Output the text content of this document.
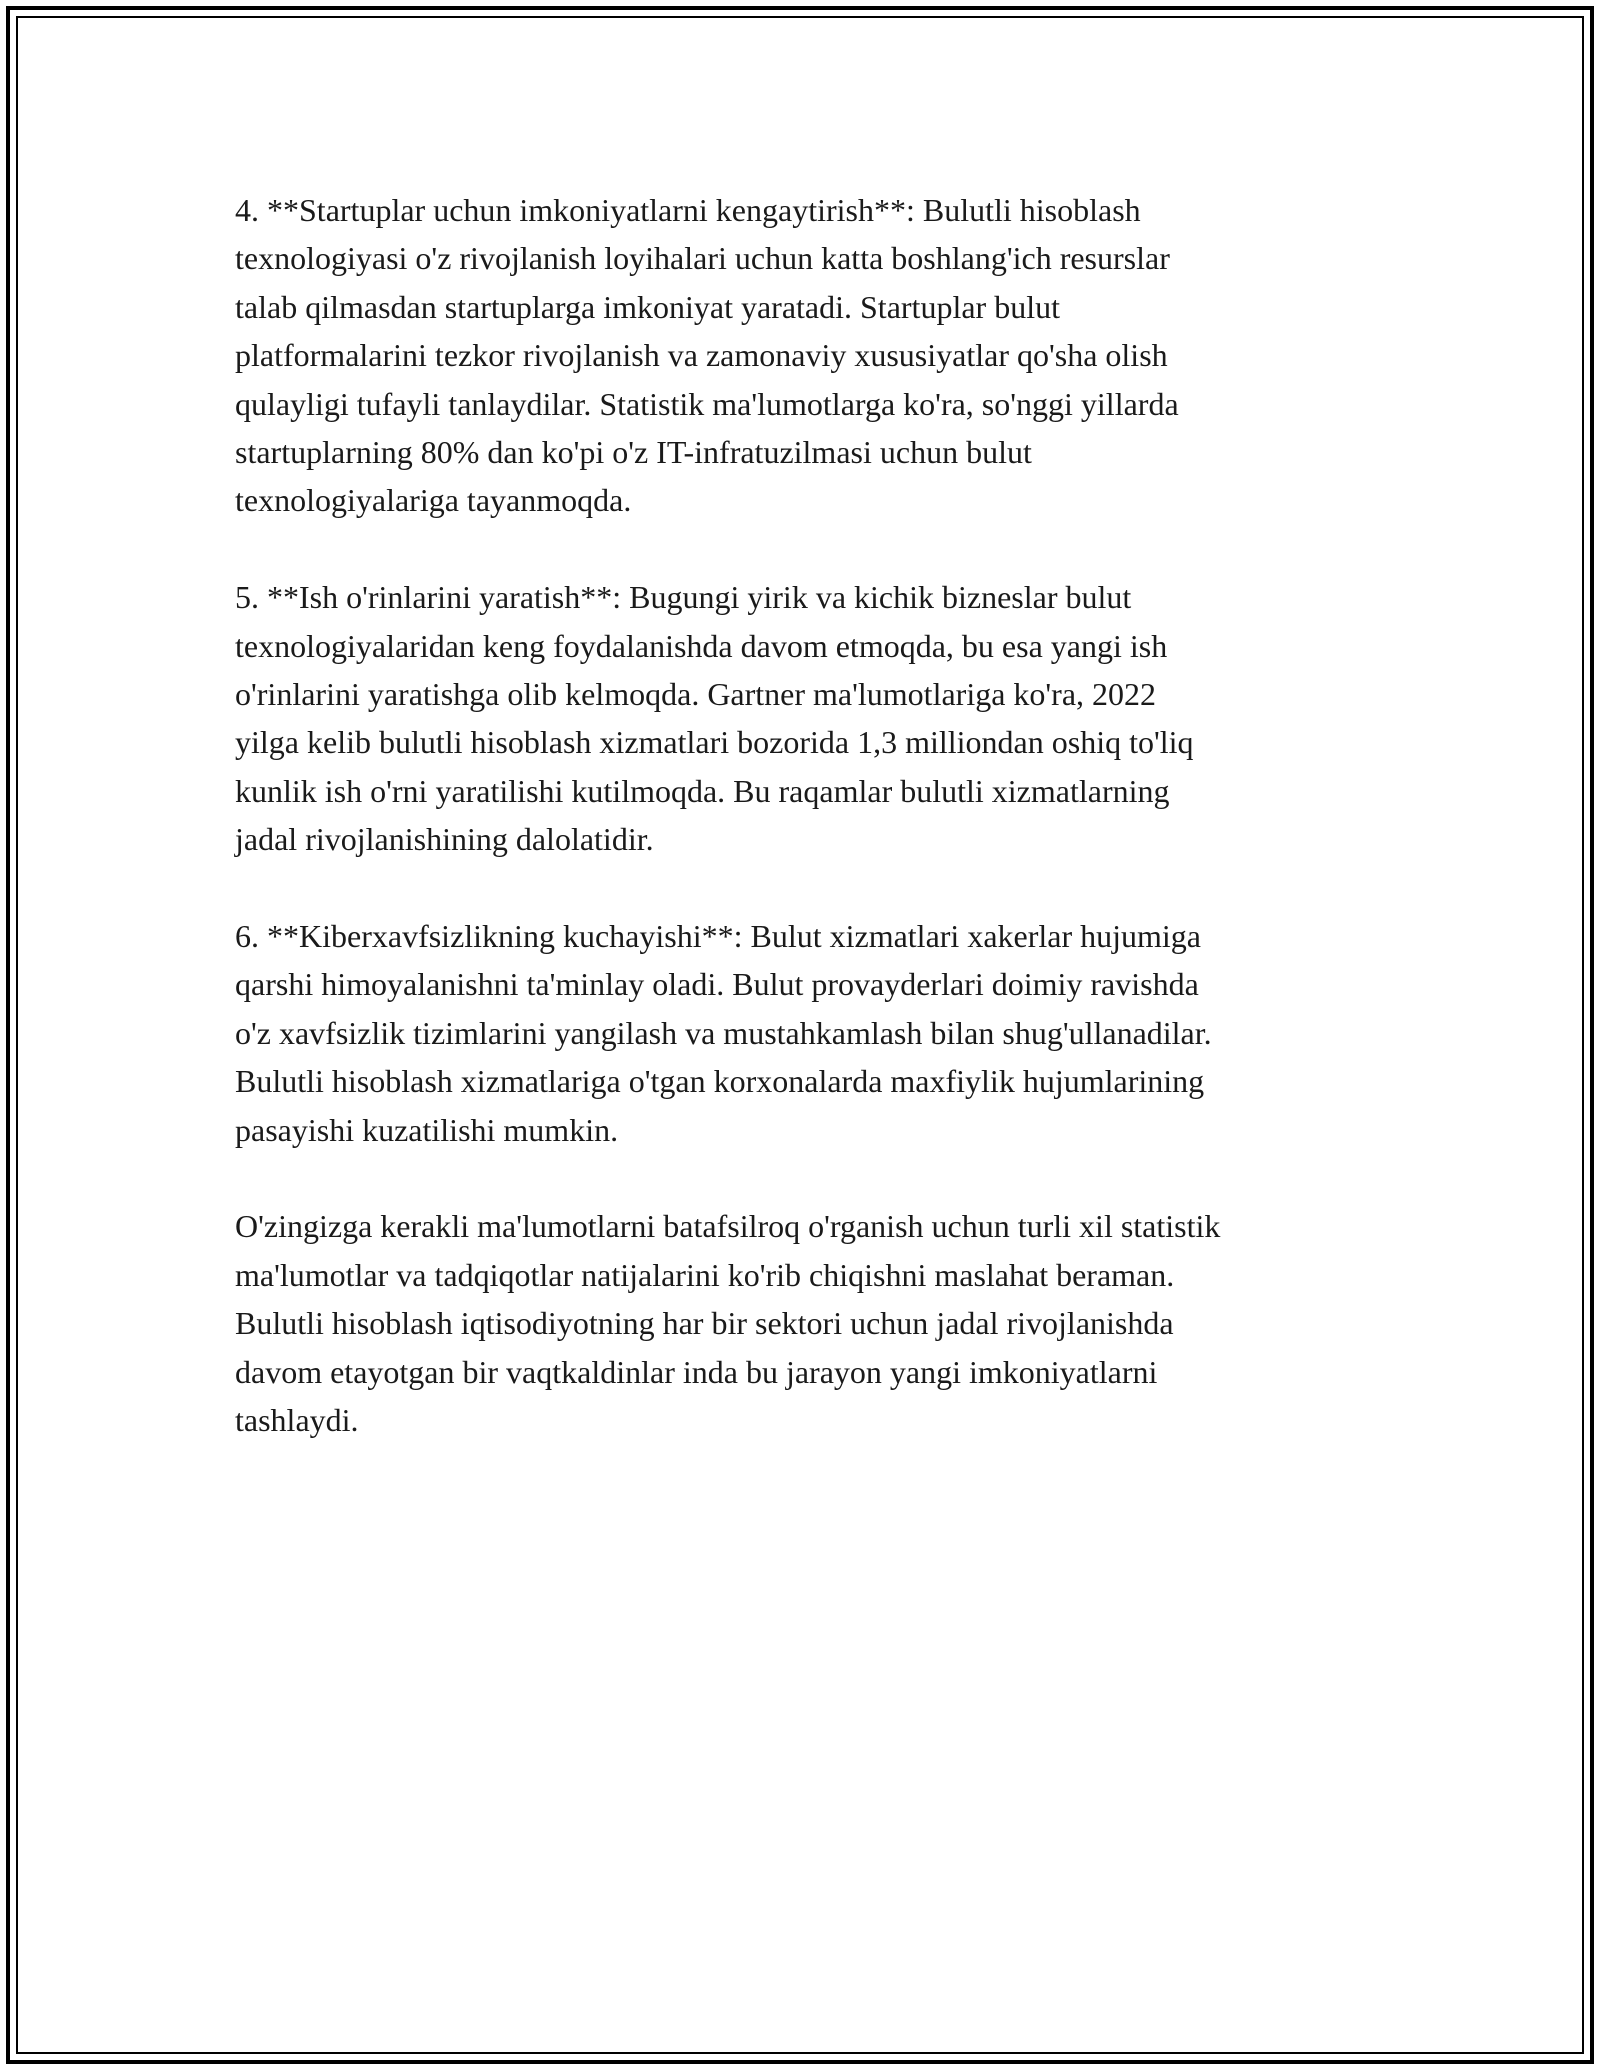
4. **Startuplar uchun imkoniyatlarni kengaytirish**: Bulutli hisoblash
texnologiyasi o'z rivojlanish loyihalari uchun katta boshlang'ich resurslar
talab qilmasdan startuplarga imkoniyat yaratadi. Startuplar bulut
platformalarini tezkor rivojlanish va zamonaviy xususiyatlar qo'sha olish
qulayligi tufayli tanlaydilar. Statistik ma'lumotlarga ko'ra, so'nggi yillarda
startuplarning 80% dan ko'pi o'z IT-infratuzilmasi uchun bulut
texnologiyalariga tayanmoqda.

5. **Ish o'rinlarini yaratish**: Bugungi yirik va kichik bizneslar bulut
texnologiyalaridan keng foydalanishda davom etmoqda, bu esa yangi ish
o'rinlarini yaratishga olib kelmoqda. Gartner ma'lumotlariga ko'ra, 2022
yilga kelib bulutli hisoblash xizmatlari bozorida 1,3 milliondan oshiq to'liq
kunlik ish o'rni yaratilishi kutilmoqda. Bu raqamlar bulutli xizmatlarning
jadal rivojlanishining dalolatidir.

6. **Kiberxavfsizlikning kuchayishi**: Bulut xizmatlari xakerlar hujumiga
qarshi himoyalanishni ta'minlay oladi. Bulut provayderlari doimiy ravishda
o'z xavfsizlik tizimlarini yangilash va mustahkamlash bilan shug'ullanadilar.
Bulutli hisoblash xizmatlariga o'tgan korxonalarda maxfiylik hujumlarining
pasayishi kuzatilishi mumkin.

O'zingizga kerakli ma'lumotlarni batafsilroq o'rganish uchun turli xil statistik
ma'lumotlar va tadqiqotlar natijalarini ko'rib chiqishni maslahat beraman.
Bulutli hisoblash iqtisodiyotning har bir sektori uchun jadal rivojlanishda
davom etayotgan bir vaqtkaldinlar inda bu jarayon yangi imkoniyatlarni
tashlaydi.
